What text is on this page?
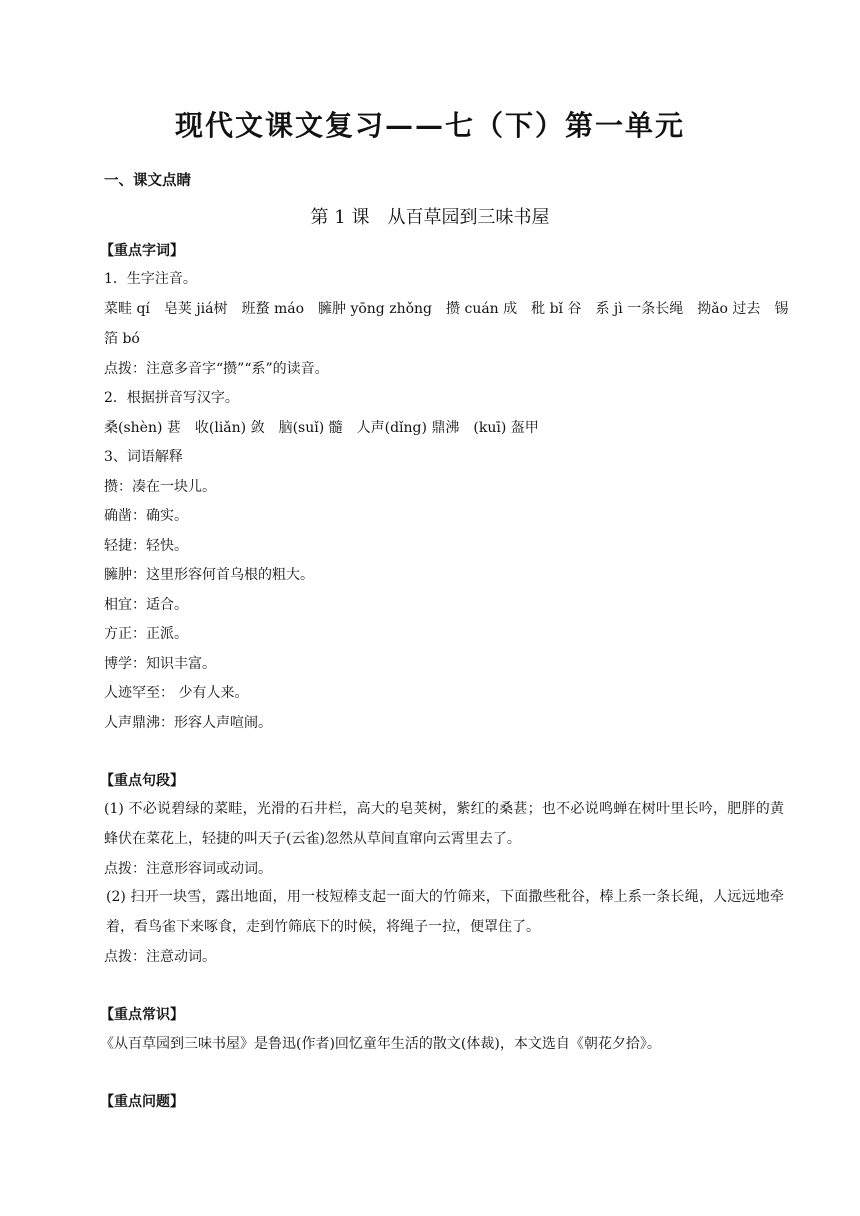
现代文课文复习——七（下）第一单元
一、课文点睛
第 1 课　从百草园到三味书屋
【重点字词】
1．生字注音。
菜畦 qí　皂荚 jiá树　班蝥 máo　臃肿 yōng zhǒng　攒 cuán 成　秕 bǐ 谷　系 jì 一条长绳　拗ǎo 过去　锡
箔 bó
点拨：注意多音字“攒”“系”的读音。
2．根据拼音写汉字。
桑(shèn) 葚　收(liǎn) 敛　脑(suǐ) 髓　人声(dǐng) 鼎沸　(kuī) 盔甲
3、词语解释
攒：凑在一块儿。
确凿：确实。
轻捷：轻快。
臃肿：这里形容何首乌根的粗大。
相宜：适合。
方正：正派。
博学：知识丰富。
人迹罕至： 少有人来。
人声鼎沸：形容人声喧闹。
【重点句段】
(1) 不必说碧绿的菜畦，光滑的石井栏，高大的皂荚树，紫红的桑葚；也不必说鸣蝉在树叶里长吟，肥胖的黄蜂伏在菜花上，轻捷的叫天子(云雀)忽然从草间直窜向云霄里去了。
点拨：注意形容词或动词。
(2) 扫开一块雪，露出地面，用一枝短棒支起一面大的竹筛来，下面撒些秕谷，棒上系一条长绳，人远远地牵着，看鸟雀下来啄食，走到竹筛底下的时候，将绳子一拉，便罩住了。
点拨：注意动词。
【重点常识】
《从百草园到三味书屋》是鲁迅(作者)回忆童年生活的散文(体裁)，本文选自《朝花夕拾》。
【重点问题】
